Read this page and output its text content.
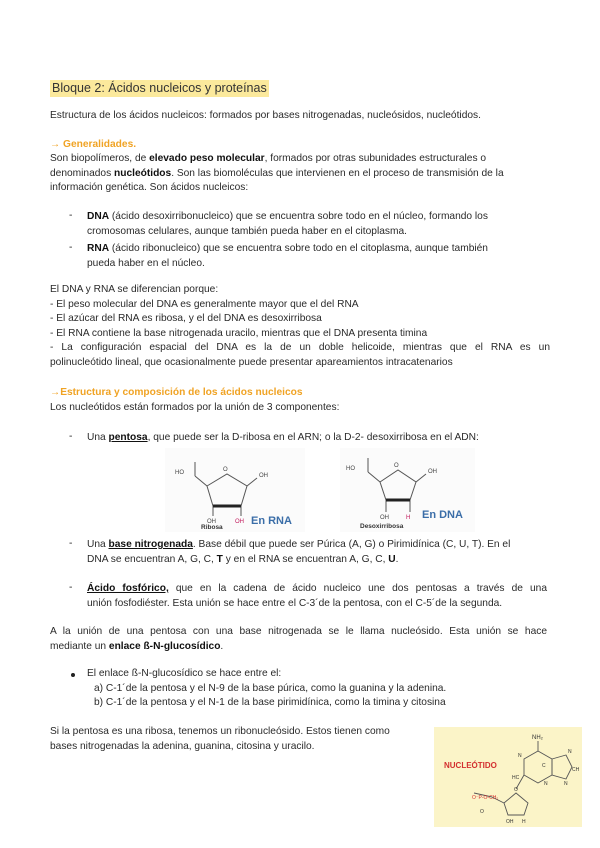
Bloque 2: Ácidos nucleicos y proteínas
Estructura de los ácidos nucleicos: formados por bases nitrogenadas, nucleósidos, nucleótidos.
→ Generalidades.
Son biopolímeros, de elevado peso molecular, formados por otras subunidades estructurales o
denominados nucleótidos. Son las biomoléculas que intervienen en el proceso de transmisión de la
información genética. Son ácidos nucleicos:
- DNA (ácido desoxirribonucleico) que se encuentra sobre todo en el núcleo, formando los
cromosomas celulares, aunque también pueda haber en el citoplasma.
- RNA (ácido ribonucleico) que se encuentra sobre todo en el citoplasma, aunque también
pueda haber en el núcleo.
El DNA y RNA se diferencian porque:
- El peso molecular del DNA es generalmente mayor que el del RNA
- El azúcar del RNA es ribosa, y el del DNA es desoxirribosa
- El RNA contiene la base nitrogenada uracilo, mientras que el DNA presenta timina
- La configuración espacial del DNA es la de un doble helicoide, mientras que el RNA es un
polinucleótido lineal, que ocasionalmente puede presentar apareamientos intracatenarios
→Estructura y composición de los ácidos nucleicos
Los nucleótidos están formados por la unión de 3 componentes:
- Una pentosa, que puede ser la D-ribosa en el ARN; o la D-2- desoxirribosa en el ADN:
HO	O
OH
OH	OH
Ribosa
En RNA
HO	O
OH
OH	H
Desoxirribosa
En DNA
- Una base nitrogenada. Base débil que puede ser Púrica (A, G) o Pirimidínica (C, U, T). En el
DNA se encuentran A, G, C, T y en el RNA se encuentran A, G, C, U.
- Ácido fosfórico, que en la cadena de ácido nucleico une dos pentosas a través de una
unión fosfodiéster. Esta unión se hace entre el C-3´de la pentosa, con el C-5´de la segunda.
A la unión de una pentosa con una base nitrogenada se le llama nucleósido. Esta unión se hace
mediante un enlace ß-N-glucosídico.
El enlace ß-N-glucosídico se hace entre el:
a) C-1´de la pentosa y el N-9 de la base púrica, como la guanina y la adenina.
b) C-1´de la pentosa y el N-1 de la base pirimidínica, como la timina y citosina
Si la pentosa es una ribosa, tenemos un ribonucleósido. Estos tienen como
bases nitrogenadas la adenina, guanina, citosina y uracilo.
NUCLEÓTIDO
NH₂
N
C
N
CH
HC
N	N
O⁻P-O-CH₂
O
O
OH H
